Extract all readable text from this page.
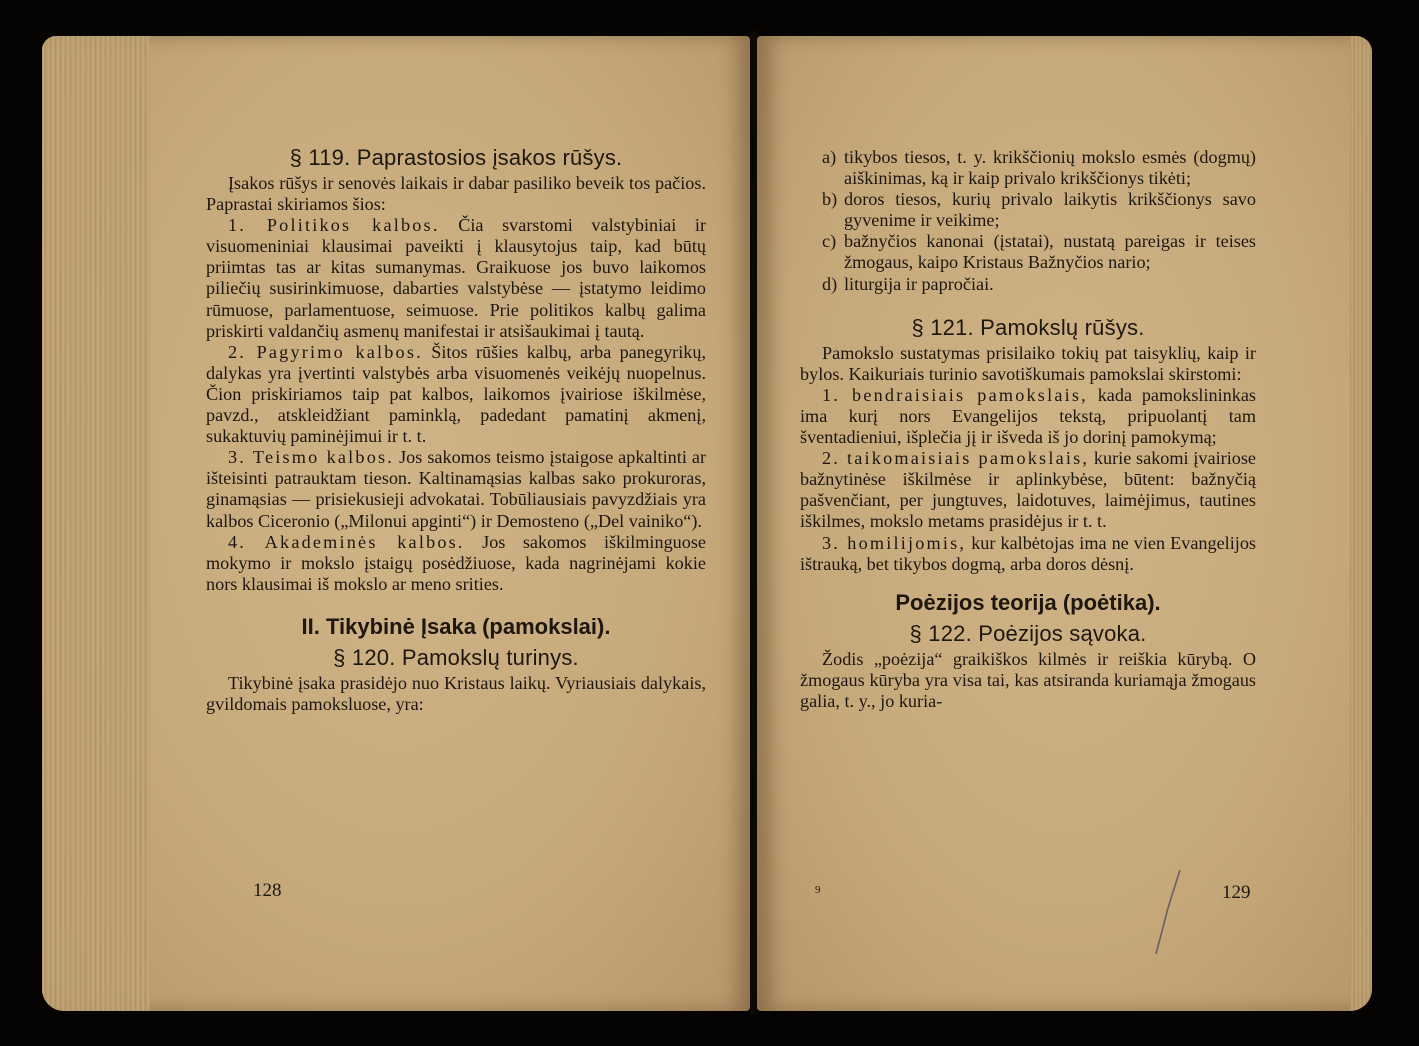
§ 119. Paprastosios įsakos rūšys.

Įsakos rūšys ir senovės laikais ir dabar pasiliko beveik tos pačios. Paprastai skiriamos šios:

1. Politikos kalbos. Čia svarstomi valstybiniai ir visuomeniniai klausimai paveikti į klausytojus taip, kad būtų priimtas tas ar kitas sumanymas. Graikuose jos buvo laikomos piliečių susirinkimuose, dabarties valstybėse — įstatymo leidimo rūmuose, parlamentuose, seimuose. Prie politikos kalbų galima priskirti valdančių asmenų manifestai ir atsišaukimai į tautą.

2. Pagyrimo kalbos. Šitos rūšies kalbų, arba panegyrikų, dalykas yra įvertinti valstybės arba visuomenės veikėjų nuopelnus. Čion priskiriamos taip pat kalbos, laikomos įvairiose iškilmėse, pavzd., atskleidžiant paminklą, padedant pamatinį akmenį, sukaktuvių paminėjimui ir t. t.

3. Teismo kalbos. Jos sakomos teismo įstaigose apkaltinti ar išteisinti patrauktam tieson. Kaltinamąsias kalbas sako prokuroras, ginamąsias — prisiekusieji advokatai. Tobūliausiais pavyzdžiais yra kalbos Ciceronio („Milonui apginti“) ir Demosteno („Del vainiko“).

4. Akademinės kalbos. Jos sakomos iškilminguose mokymo ir mokslo įstaigų posėdžiuose, kada nagrinėjami kokie nors klausimai iš mokslo ar meno srities.

II. Tikybinė Įsaka (pamokslai).
§ 120. Pamokslų turinys.

Tikybinė įsaka prasidėjo nuo Kristaus laikų. Vyriausiais dalykais, gvildomais pamoksluose, yra:

128
a) tikybos tiesos, t. y. krikščionių mokslo esmės (dogmų) aiškinimas, ką ir kaip privalo krikščionys tikėti;
b) doros tiesos, kurių privalo laikytis krikščionys savo gyvenime ir veikime;
c) bažnyčios kanonai (įstatai), nustatą pareigas ir teises žmogaus, kaipo Kristaus Bažnyčios nario;
d) liturgija ir papročiai.
§ 121. Pamokslų rūšys.

Pamokslo sustatymas prisilaiko tokių pat taisyklių, kaip ir bylos. Kaikuriais turinio savotiškumais pamokslai skirstomi:

1. bendraisiais pamokslais, kada pamokslininkas ima kurį nors Evangelijos tekstą, pripuolantį tam šventadieniui, išplečia jį ir išveda iš jo dorinį pamokymą;

2. taikomaisiais pamokslais, kurie sakomi įvairiose bažnytinėse iškilmėse ir aplinkybėse, būtent: bažnyčią pašvenčiant, per jungtuves, laidotuves, laimėjimus, tautines iškilmes, mokslo metams prasidėjus ir t. t.

3. homilijomis, kur kalbėtojas ima ne vien Evangelijos ištrauką, bet tikybos dogmą, arba doros dėsnį.

Poėzijos teorija (poėtika).
§ 122. Poėzijos sąvoka.

Žodis „poėzija“ graikiškos kilmės ir reiškia kūrybą. O žmogaus kūryba yra visa tai, kas atsiranda kuriamąja žmogaus galia, t. y., jo kuria-

9	129
